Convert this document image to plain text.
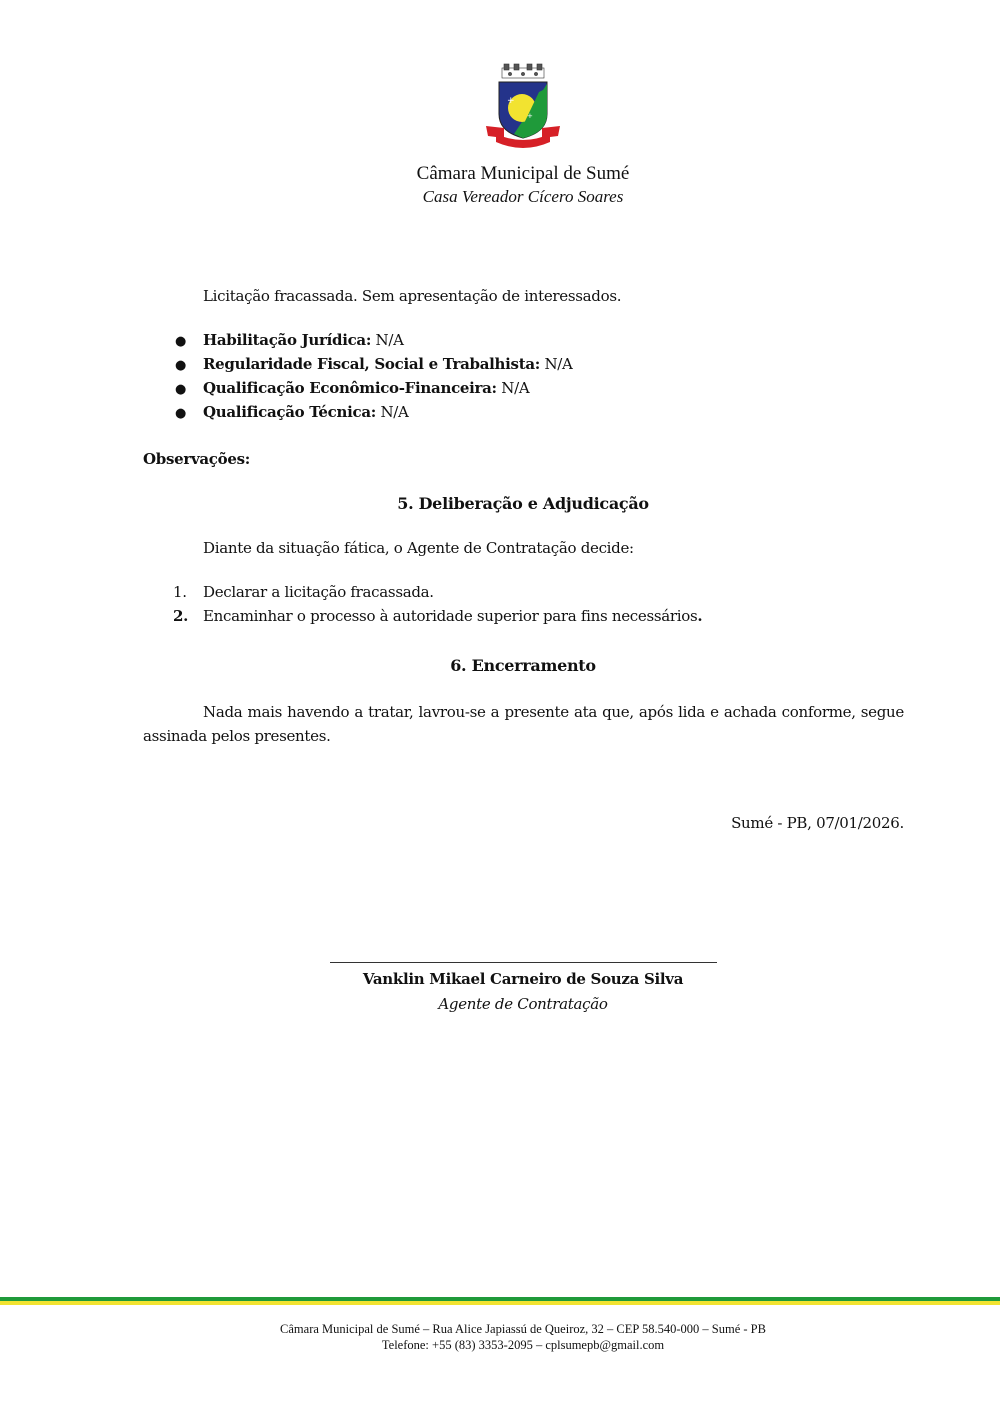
+
+
Câmara Municipal de Sumé
Casa Vereador Cícero Soares
Licitação fracassada. Sem apresentação de interessados.
● Habilitação Jurídica: N/A
● Regularidade Fiscal, Social e Trabalhista: N/A
● Qualificação Econômico-Financeira: N/A
● Qualificação Técnica: N/A
Observações:
5. Deliberação e Adjudicação
Diante da situação fática, o Agente de Contratação decide:
1. Declarar a licitação fracassada.
2. Encaminhar o processo à autoridade superior para fins necessários.
6. Encerramento
Nada mais havendo a tratar, lavrou-se a presente ata que, após lida e achada conforme, segue assinada pelos presentes.
Sumé - PB, 07/01/2026.
Vanklin Mikael Carneiro de Souza Silva
Agente de Contratação
Câmara Municipal de Sumé – Rua Alice Japiassú de Queiroz, 32 – CEP 58.540-000 – Sumé - PB
Telefone: +55 (83) 3353-2095 – cplsumepb@gmail.com
